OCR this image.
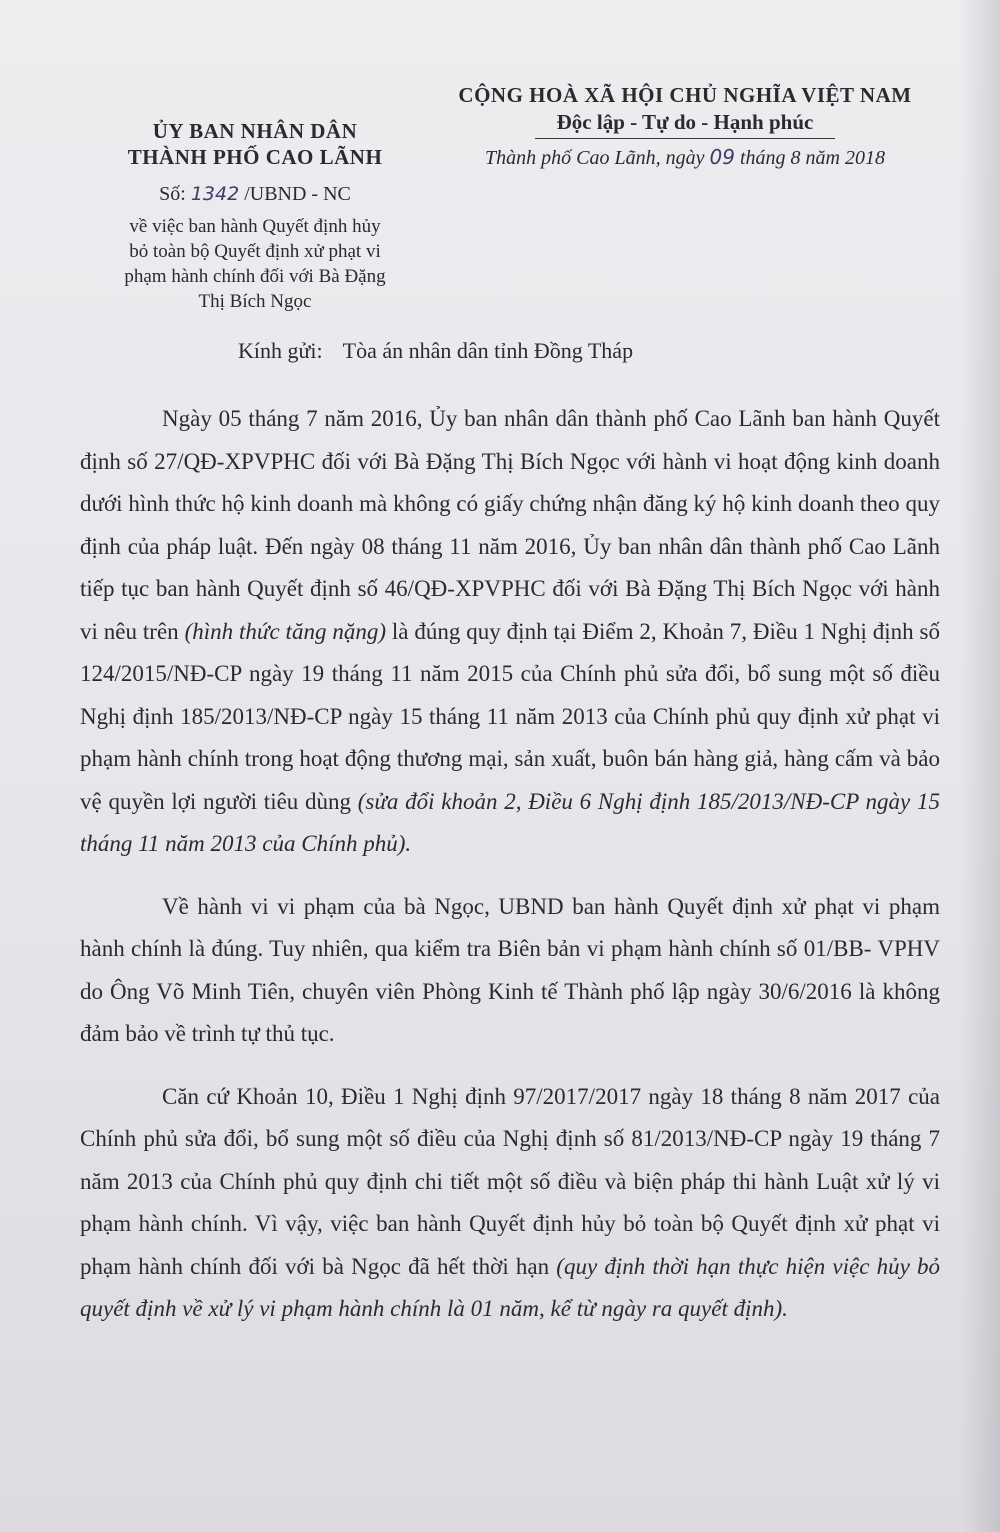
ỦY BAN NHÂN DÂN
THÀNH PHỐ CAO LÃNH
Số: 1342 /UBND - NC
về việc ban hành Quyết định hủy
bỏ toàn bộ Quyết định xử phạt vi
phạm hành chính đối với Bà Đặng
Thị Bích Ngọc
CỘNG HOÀ XÃ HỘI CHỦ NGHĨA VIỆT NAM
Độc lập - Tự do - Hạnh phúc
Thành phố Cao Lãnh, ngày 09 tháng 8 năm 2018
Kính gửi: Tòa án nhân dân tỉnh Đồng Tháp

Ngày 05 tháng 7 năm 2016, Ủy ban nhân dân thành phố Cao Lãnh ban hành Quyết định số 27/QĐ-XPVPHC đối với Bà Đặng Thị Bích Ngọc với hành vi hoạt động kinh doanh dưới hình thức hộ kinh doanh mà không có giấy chứng nhận đăng ký hộ kinh doanh theo quy định của pháp luật. Đến ngày 08 tháng 11 năm 2016, Ủy ban nhân dân thành phố Cao Lãnh tiếp tục ban hành Quyết định số 46/QĐ-XPVPHC đối với Bà Đặng Thị Bích Ngọc với hành vi nêu trên (hình thức tăng nặng) là đúng quy định tại Điểm 2, Khoản 7, Điều 1 Nghị định số 124/2015/NĐ-CP ngày 19 tháng 11 năm 2015 của Chính phủ sửa đổi, bổ sung một số điều Nghị định 185/2013/NĐ-CP ngày 15 tháng 11 năm 2013 của Chính phủ quy định xử phạt vi phạm hành chính trong hoạt động thương mại, sản xuất, buôn bán hàng giả, hàng cấm và bảo vệ quyền lợi người tiêu dùng (sửa đổi khoản 2, Điều 6 Nghị định 185/2013/NĐ-CP ngày 15 tháng 11 năm 2013 của Chính phủ).

Về hành vi vi phạm của bà Ngọc, UBND ban hành Quyết định xử phạt vi phạm hành chính là đúng. Tuy nhiên, qua kiểm tra Biên bản vi phạm hành chính số 01/BB- VPHV do Ông Võ Minh Tiên, chuyên viên Phòng Kinh tế Thành phố lập ngày 30/6/2016 là không đảm bảo về trình tự thủ tục.

Căn cứ Khoản 10, Điều 1 Nghị định 97/2017/2017 ngày 18 tháng 8 năm 2017 của Chính phủ sửa đổi, bổ sung một số điều của Nghị định số 81/2013/NĐ-CP ngày 19 tháng 7 năm 2013 của Chính phủ quy định chi tiết một số điều và biện pháp thi hành Luật xử lý vi phạm hành chính. Vì vậy, việc ban hành Quyết định hủy bỏ toàn bộ Quyết định xử phạt vi phạm hành chính đối với bà Ngọc đã hết thời hạn (quy định thời hạn thực hiện việc hủy bỏ quyết định về xử lý vi phạm hành chính là 01 năm, kể từ ngày ra quyết định).
